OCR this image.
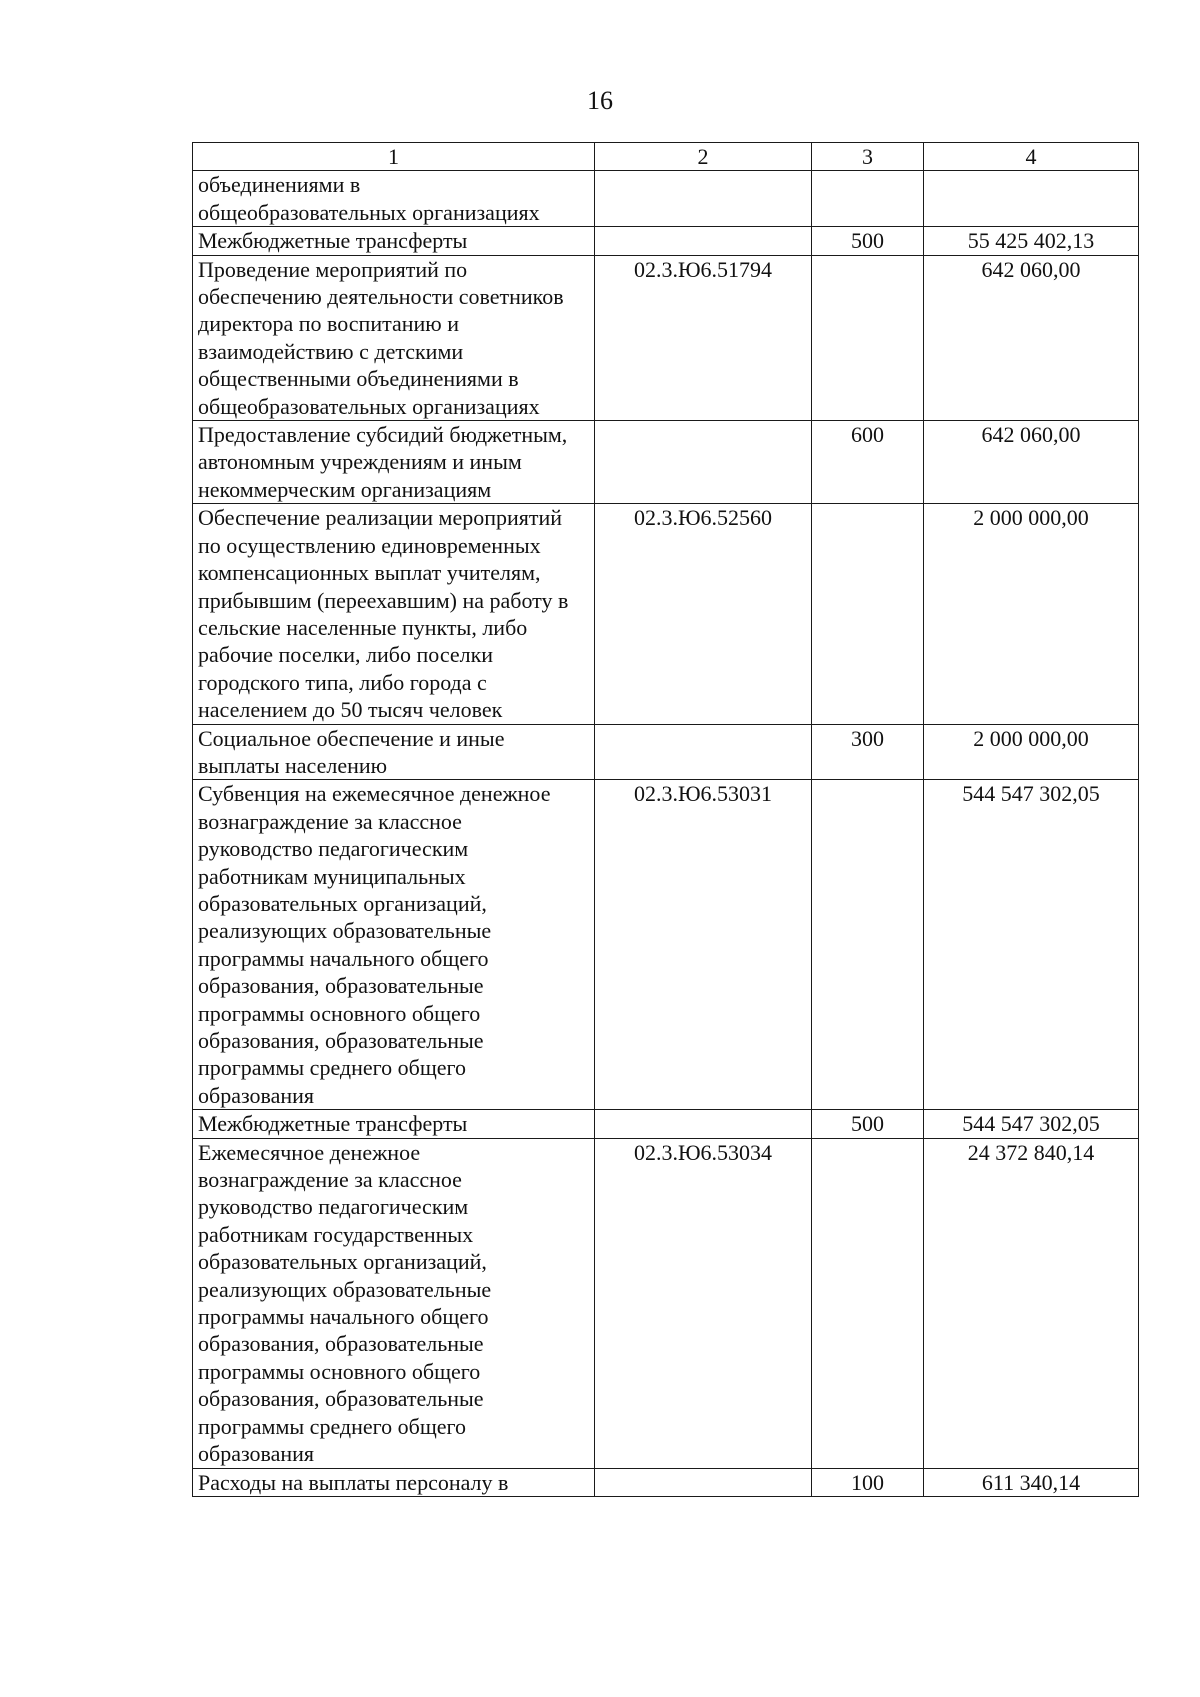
16
1	2	3	4
объединениями в общеобразовательных организациях			
Межбюджетные трансферты		500	55 425 402,13
Проведение мероприятий по обеспечению деятельности советников директора по воспитанию и взаимодействию с детскими общественными объединениями в общеобразовательных организациях	02.3.Ю6.51794		642 060,00
Предоставление субсидий бюджетным, автономным учреждениям и иным некоммерческим организациям		600	642 060,00
Обеспечение реализации мероприятий по осуществлению единовременных компенсационных выплат учителям, прибывшим (переехавшим) на работу в сельские населенные пункты, либо рабочие поселки, либо поселки городского типа, либо города с населением до 50 тысяч человек	02.3.Ю6.52560		2 000 000,00
Социальное обеспечение и иные выплаты населению		300	2 000 000,00
Субвенция на ежемесячное денежное вознаграждение за классное руководство педагогическим работникам муниципальных образовательных организаций, реализующих образовательные программы начального общего образования, образовательные программы основного общего образования, образовательные программы среднего общего образования	02.3.Ю6.53031		544 547 302,05
Межбюджетные трансферты		500	544 547 302,05
Ежемесячное денежное вознаграждение за классное руководство педагогическим работникам государственных образовательных организаций, реализующих образовательные программы начального общего образования, образовательные программы основного общего образования, образовательные программы среднего общего образования	02.3.Ю6.53034		24 372 840,14
Расходы на выплаты персоналу в		100	611 340,14
